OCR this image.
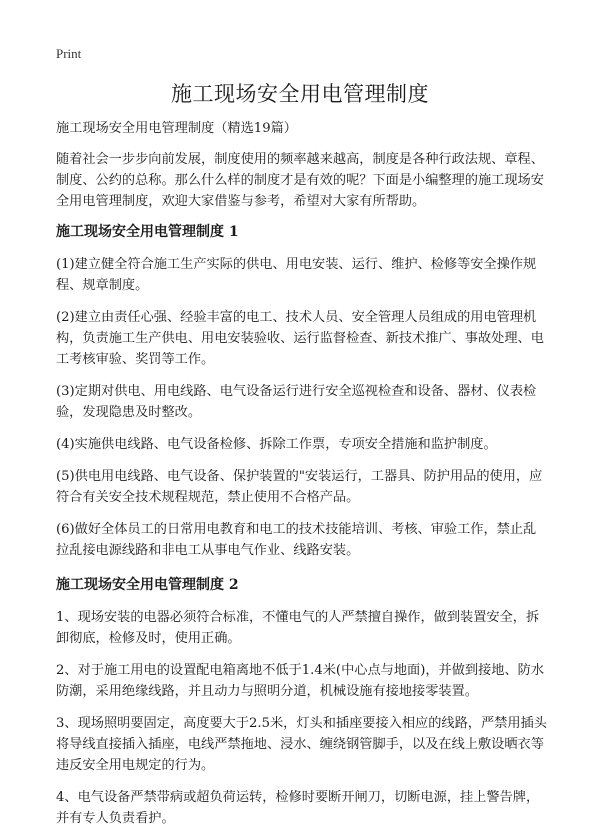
Print
施工现场安全用电管理制度

施工现场安全用电管理制度（精选19篇）

随着社会一步步向前发展，制度使用的频率越来越高，制度是各种行政法规、章程、制度、公约的总称。那么什么样的制度才是有效的呢？下面是小编整理的施工现场安全用电管理制度，欢迎大家借鉴与参考，希望对大家有所帮助。

施工现场安全用电管理制度 1

(1)建立健全符合施工生产实际的供电、用电安装、运行、维护、检修等安全操作规程、规章制度。

(2)建立由责任心强、经验丰富的电工、技术人员、安全管理人员组成的用电管理机构，负责施工生产供电、用电安装验收、运行监督检查、新技术推广、事故处理、电工考核审验、奖罚等工作。

(3)定期对供电、用电线路、电气设备运行进行安全巡视检查和设备、器材、仪表检验，发现隐患及时整改。

(4)实施供电线路、电气设备检修、拆除工作票，专项安全措施和监护制度。

(5)供电用电线路、电气设备、保护装置的"安装运行，工器具、防护用品的使用，应符合有关安全技术规程规范，禁止使用不合格产品。

(6)做好全体员工的日常用电教育和电工的技术技能培训、考核、审验工作，禁止乱拉乱接电源线路和非电工从事电气作业、线路安装。

施工现场安全用电管理制度 2

1、现场安装的电器必须符合标准，不懂电气的人严禁擅自操作，做到装置安全，拆卸彻底，检修及时，使用正确。

2、对于施工用电的设置配电箱离地不低于1.4米(中心点与地面)，并做到接地、防水防潮，采用绝缘线路，并且动力与照明分道，机械设施有接地接零装置。

3、现场照明要固定，高度要大于2.5米，灯头和插座要接入相应的线路，严禁用插头将导线直接插入插座，电线严禁拖地、浸水、缠绕钢管脚手，以及在线上敷设晒衣等违反安全用电规定的行为。

4、电气设备严禁带病或超负荷运转，检修时要断开闸刀，切断电源，挂上警告牌，并有专人负责看护。
